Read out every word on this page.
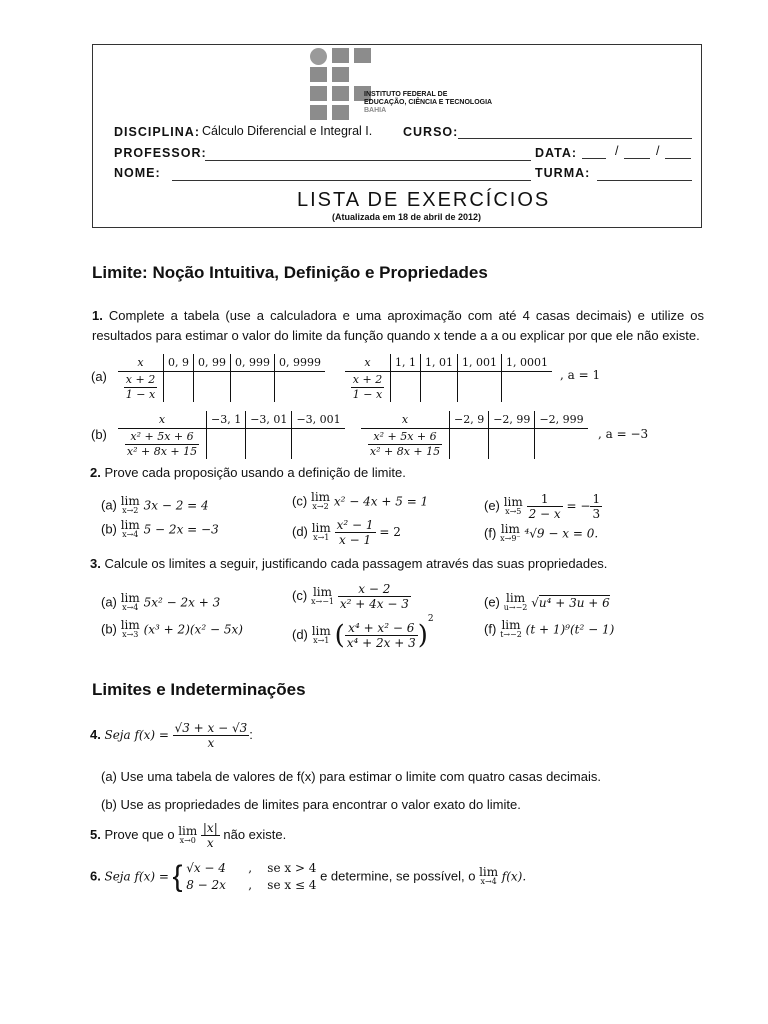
INSTITUTO FEDERAL DE
EDUCAÇÃO, CIÊNCIA E TECNOLOGIA
BAHIA
DISCIPLINA: Cálculo Diferencial e Integral I. CURSO:
PROFESSOR:	DATA:	/	/
NOME:	TURMA:
LISTA DE EXERCÍCIOS
(Atualizada em 18 de abril de 2012)
Limite: Noção Intuitiva, Definição e Propriedades
1. Complete a tabela (use a calculadora e uma aproximação com até 4 casas decimais) e utilize os resultados para estimar o valor do limite da função quando x tende a a ou explicar por que ele não existe.
(a)
x	0, 9	0, 99	0, 999	0, 9999

$\frac{x + 2}{1 - x}$

x	1, 1	1, 01	1, 001	1, 0001

$\frac{x + 2}{1 - x}$
					, a = 1
(b)
x	−3, 1	−3, 01	−3, 001

$\frac{\text{x² + 5x + 6}}{\text{x² + 8x + 15}}$

x	−2, 9	−2, 99	−2, 999

$\frac{\text{x² + 5x + 6}}{\text{x² + 8x + 15}}$
				, a = −3
2. Prove cada proposição usando a definição de limite.
(a) lim
x→2 3x − 2 = 4
(b) lim
x→4 5 − 2x = −3
(c) lim
x→2 x² − 4x + 5 = 1
(d) lim
x→1
$\frac{\text{x² − 1}}{x - 1} = 2$
(e) lim
x→5
$\frac{1}{2 - x}$ = − $\frac{1}{3}$
(f) lim
x→9⁻ ⁴√9 − x = 0.
3. Calcule os limites a seguir, justificando cada passagem através das suas propriedades.
(a) lim
x→4 5x² − 2x + 3
(b) lim
x→3 (x³ + 2)(x² − 5x)
(c) lim
x→−1
$\frac{x - 2}{\text{x² + 4x − 3}}$
(d) lim
x→1 ( $\frac{\text{x⁴ + x² − 6}}{\text{x⁴ + 2x + 3}} )^2$
(e) lim
u→−2 √u⁴ + 3u + 6
(f) lim
t→−2 (t + 1)⁹(t² − 1)
Limites e Indeterminações
4. Seja $f(x) = \frac{√3 + x - √3}{x}$ :
(a) Use uma tabela de valores de f(x) para estimar o limite com quatro casas decimais.
(b) Use as propriedades de limites para encontrar o valor exato do limite.
5. Prove que o lim
x→0
$\frac{|x|}{x}$ não existe.
6. Seja f(x) = { √x − 4 ,    se x > 4
8 − 2x ,    se x ≤ 4
e determine, se possível, o lim
x→4 f(x).
